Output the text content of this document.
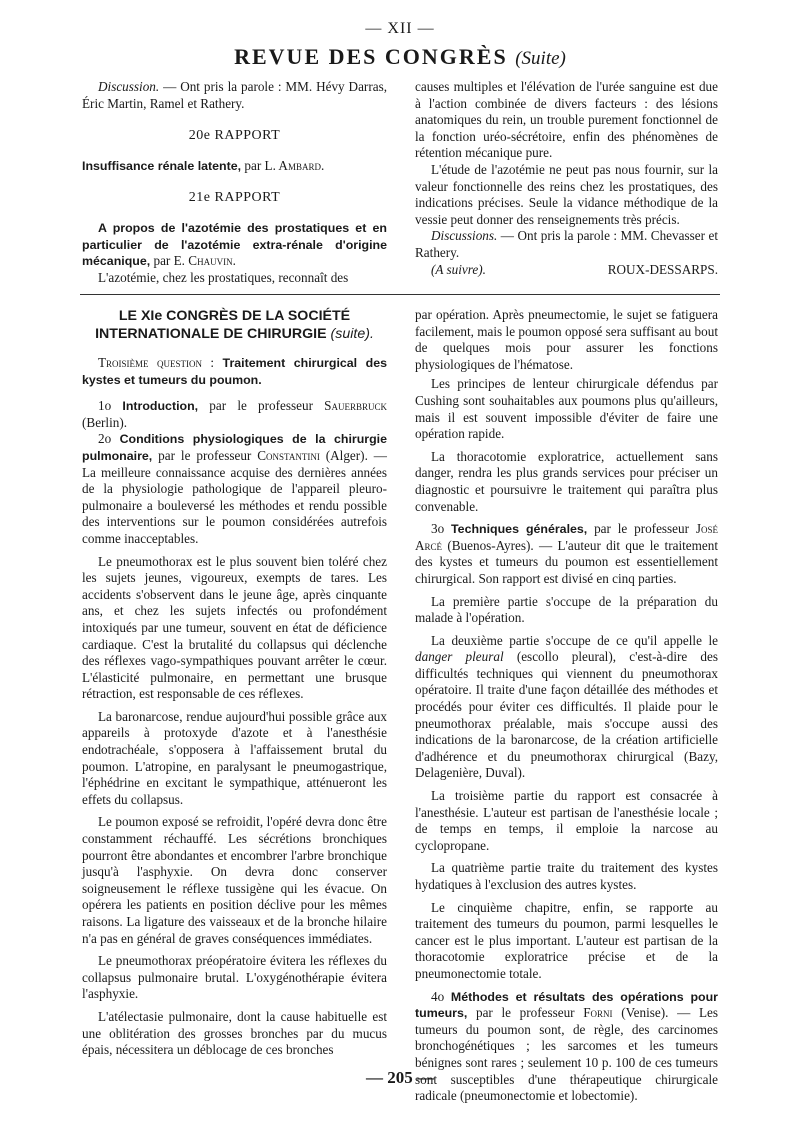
— XII —
REVUE DES CONGRÈS (Suite)

Discussion. — Ont pris la parole : MM. Hévy Darras, Éric Martin, Ramel et Rathery.

20e RAPPORT

Insuffisance rénale latente, par L. Ambard.

21e RAPPORT

A propos de l'azotémie des prostatiques et en particulier de l'azotémie extra-rénale d'origine mécanique, par E. Chauvin.

L'azotémie, chez les prostatiques, reconnaît des

causes multiples et l'élévation de l'urée sanguine est due à l'action combinée de divers facteurs : des lésions anatomiques du rein, un trouble purement fonctionnel de la fonction uréo-sécrétoire, enfin des phénomènes de rétention mécanique pure.

L'étude de l'azotémie ne peut pas nous fournir, sur la valeur fonctionnelle des reins chez les prostatiques, des indications précises. Seule la vidance méthodique de la vessie peut donner des renseignements très précis.

Discussions. — Ont pris la parole : MM. Chevasser et Rathery.

(A suivre).	ROUX-DESSARPS.

LE XIe CONGRÈS DE LA SOCIÉTÉ INTERNATIONALE DE CHIRURGIE (suite).

Troisième question : Traitement chirurgical des kystes et tumeurs du poumon.

1o Introduction, par le professeur Sauerbruck (Berlin).

2o Conditions physiologiques de la chirurgie pulmonaire, par le professeur Constantini (Alger). — La meilleure connaissance acquise des dernières années de la physiologie pathologique de l'appareil pleuro-pulmonaire a bouleversé les méthodes et rendu possible des interventions sur le poumon considérées autrefois comme inacceptables.

Le pneumothorax est le plus souvent bien toléré chez les sujets jeunes, vigoureux, exempts de tares. Les accidents s'observent dans le jeune âge, après cinquante ans, et chez les sujets infectés ou profondément intoxiqués par une tumeur, souvent en état de déficience cardiaque. C'est la brutalité du collapsus qui déclenche des réflexes vago-sympathiques pouvant arrêter le cœur. L'élasticité pulmonaire, en permettant une brusque rétraction, est responsable de ces réflexes.

La baronarcose, rendue aujourd'hui possible grâce aux appareils à protoxyde d'azote et à l'anesthésie endotrachéale, s'opposera à l'affaissement brutal du poumon. L'atropine, en paralysant le pneumogastrique, l'éphédrine en excitant le sympathique, atténueront les effets du collapsus.

Le poumon exposé se refroidit, l'opéré devra donc être constamment réchauffé. Les sécrétions bronchiques pourront être abondantes et encombrer l'arbre bronchique jusqu'à l'asphyxie. On devra donc conserver soigneusement le réflexe tussigène qui les évacue. On opérera les patients en position déclive pour les mêmes raisons. La ligature des vaisseaux et de la bronche hilaire n'a pas en général de graves conséquences immédiates.

Le pneumothorax préopératoire évitera les réflexes du collapsus pulmonaire brutal. L'oxygénothérapie évitera l'asphyxie.

L'atélectasie pulmonaire, dont la cause habituelle est une oblitération des grosses bronches par du mucus épais, nécessitera un déblocage de ces bronches

par opération. Après pneumectomie, le sujet se fatiguera facilement, mais le poumon opposé sera suffisant au bout de quelques mois pour assurer les fonctions physiologiques de l'hématose.

Les principes de lenteur chirurgicale défendus par Cushing sont souhaitables aux poumons plus qu'ailleurs, mais il est souvent impossible d'éviter de faire une opération rapide.

La thoracotomie exploratrice, actuellement sans danger, rendra les plus grands services pour préciser un diagnostic et poursuivre le traitement qui paraîtra plus convenable.

3o Techniques générales, par le professeur José Arcé (Buenos-Ayres). — L'auteur dit que le traitement des kystes et tumeurs du poumon est essentiellement chirurgical. Son rapport est divisé en cinq parties.

La première partie s'occupe de la préparation du malade à l'opération.

La deuxième partie s'occupe de ce qu'il appelle le danger pleural (escollo pleural), c'est-à-dire des difficultés techniques qui viennent du pneumothorax opératoire. Il traite d'une façon détaillée des méthodes et procédés pour éviter ces difficultés. Il plaide pour le pneumothorax préalable, mais s'occupe aussi des indications de la baronarcose, de la création artificielle d'adhérence et du pneumothorax chirurgical (Bazy, Delagenière, Duval).

La troisième partie du rapport est consacrée à l'anesthésie. L'auteur est partisan de l'anesthésie locale ; de temps en temps, il emploie la narcose au cyclopropane.

La quatrième partie traite du traitement des kystes hydatiques à l'exclusion des autres kystes.

Le cinquième chapitre, enfin, se rapporte au traitement des tumeurs du poumon, parmi lesquelles le cancer est le plus important. L'auteur est partisan de la thoracotomie exploratrice précise et de la pneumonectomie totale.

4o Méthodes et résultats des opérations pour tumeurs, par le professeur Forni (Venise). — Les tumeurs du poumon sont, de règle, des carcinomes bronchogénétiques ; les sarcomes et les tumeurs bénignes sont rares ; seulement 10 p. 100 de ces tumeurs sont susceptibles d'une thérapeutique chirurgicale radicale (pneumonectomie et lobectomie).

— 205 —
